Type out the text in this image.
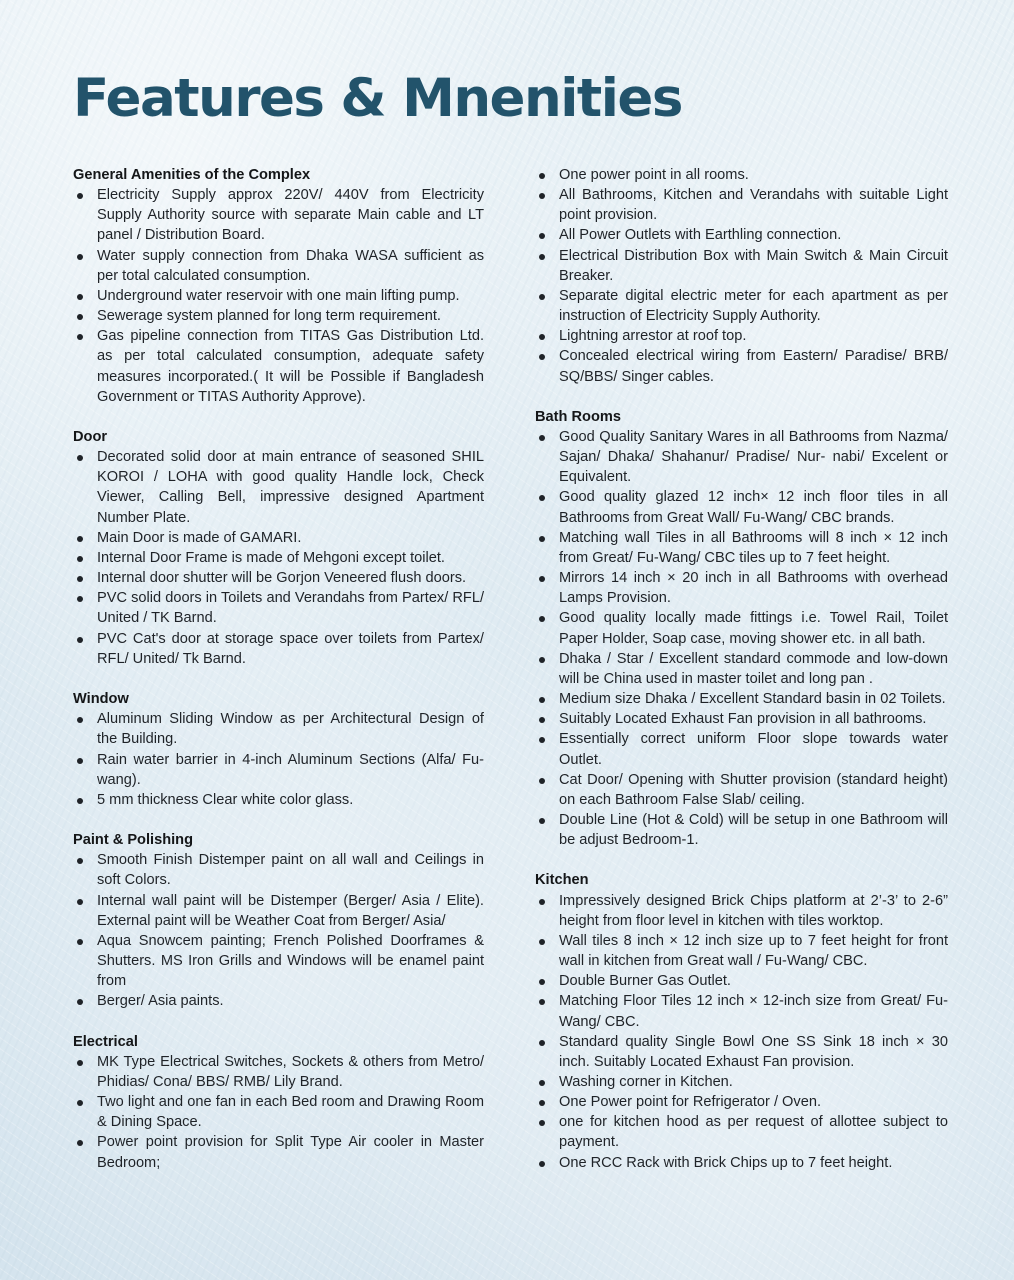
Features & Mnenities
General Amenities of the Complex
Electricity Supply approx 220V/ 440V from Electricity Supply Authority source with separate Main cable and LT panel / Distribution Board.
Water supply connection from Dhaka WASA sufficient as per total calculated consumption.
Underground water reservoir with one main lifting pump.
Sewerage system planned for long term requirement.
Gas pipeline connection from TITAS Gas Distribution Ltd. as per total calculated consumption, adequate safety measures incorporated.( It will be Possible if Bangladesh Government or TITAS Authority Approve).
Door
Decorated solid door at main entrance of seasoned SHIL KOROI / LOHA with good quality Handle lock, Check Viewer, Calling Bell, impressive designed Apartment Number Plate.
Main Door is made of GAMARI.
Internal Door Frame is made of Mehgoni except toilet.
Internal door shutter will be Gorjon Veneered flush doors.
PVC solid doors in Toilets and Verandahs from Partex/ RFL/ United / TK Barnd.
PVC Cat's door at storage space over toilets from Partex/ RFL/ United/ Tk Barnd.
Window
Aluminum Sliding Window as per Architectural Design of the Building.
Rain water barrier in 4-inch Aluminum Sections (Alfa/ Fu-wang).
5 mm thickness Clear white color glass.
Paint & Polishing
Smooth Finish Distemper paint on all wall and Ceilings in soft Colors.
Internal wall paint will be Distemper (Berger/ Asia / Elite). External paint will be Weather Coat from Berger/ Asia/
Aqua Snowcem painting; French Polished Doorframes & Shutters. MS Iron Grills and Windows will be enamel paint from
Berger/ Asia paints.
Electrical
MK Type Electrical Switches, Sockets & others from Metro/ Phidias/ Cona/ BBS/ RMB/ Lily Brand.
Two light and one fan in each Bed room and Drawing Room & Dining Space.
Power point provision for Split Type Air cooler in Master Bedroom;
One power point in all rooms.
All Bathrooms, Kitchen and Verandahs with suitable Light point provision.
All Power Outlets with Earthling connection.
Electrical Distribution Box with Main Switch & Main Circuit Breaker.
Separate digital electric meter for each apartment as per instruction of Electricity Supply Authority.
Lightning arrestor at roof top.
Concealed electrical wiring from Eastern/ Paradise/ BRB/ SQ/BBS/ Singer cables.
Bath Rooms
Good Quality Sanitary Wares in all Bathrooms from Nazma/ Sajan/ Dhaka/ Shahanur/ Pradise/ Nur- nabi/ Excelent or Equivalent.
Good quality glazed 12 inch× 12 inch floor tiles in all Bathrooms from Great Wall/ Fu-Wang/ CBC brands.
Matching wall Tiles in all Bathrooms will 8 inch × 12 inch from Great/ Fu-Wang/ CBC tiles up to 7 feet height.
Mirrors 14 inch × 20 inch in all Bathrooms with overhead Lamps Provision.
Good quality locally made fittings i.e. Towel Rail, Toilet Paper Holder, Soap case, moving shower etc. in all bath.
Dhaka / Star / Excellent standard commode and low-down will be China used in master toilet and long pan .
Medium size Dhaka / Excellent Standard basin in 02 Toilets.
Suitably Located Exhaust Fan provision in all bathrooms.
Essentially correct uniform Floor slope towards water Outlet.
Cat Door/ Opening with Shutter provision (standard height) on each Bathroom False Slab/ ceiling.
Double Line (Hot & Cold) will be setup in one Bathroom will be adjust Bedroom-1.
Kitchen
Impressively designed Brick Chips platform at 2’-3’ to 2-6” height from floor level in kitchen with tiles worktop.
Wall tiles 8 inch × 12 inch size up to 7 feet height for front wall in kitchen from Great wall / Fu-Wang/ CBC.
Double Burner Gas Outlet.
Matching Floor Tiles 12 inch × 12-inch size from Great/ Fu-Wang/ CBC.
Standard quality Single Bowl One SS Sink 18 inch × 30 inch. Suitably Located Exhaust Fan provision.
Washing corner in Kitchen.
One Power point for Refrigerator / Oven.
one for kitchen hood as per request of allottee subject to payment.
One RCC Rack with Brick Chips up to 7 feet height.
